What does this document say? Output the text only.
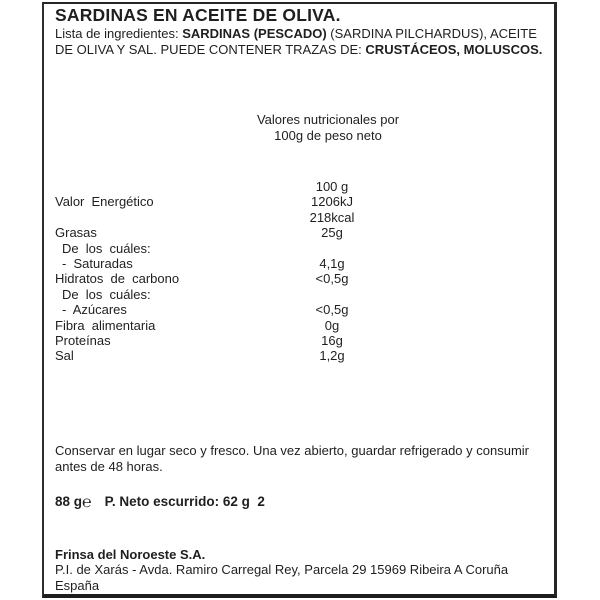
SARDINAS EN ACEITE DE OLIVA.
Lista de ingredientes: SARDINAS (PESCADO) (SARDINA PILCHARDUS), ACEITE DE OLIVA Y SAL. PUEDE CONTENER TRAZAS DE: CRUSTÁCEOS, MOLUSCOS.
Valores nutricionales por
100g de peso neto
100 g
Valor Energético	1206kJ
218kcal
Grasas	25g
De los cuáles:
- Saturadas	4,1g
Hidratos de carbono	<0,5g
De los cuáles:
- Azúcares	<0,5g
Fibra alimentaria	0g
Proteínas	16g
Sal	1,2g
Conservar en lugar seco y fresco. Una vez abierto, guardar refrigerado y consumir antes de 48 horas.
88 g℮ P. Neto escurrido: 62 g  2
Frinsa del Noroeste S.A.
P.I. de Xarás - Avda. Ramiro Carregal Rey, Parcela 29 15969 Ribeira A Coruña
España
